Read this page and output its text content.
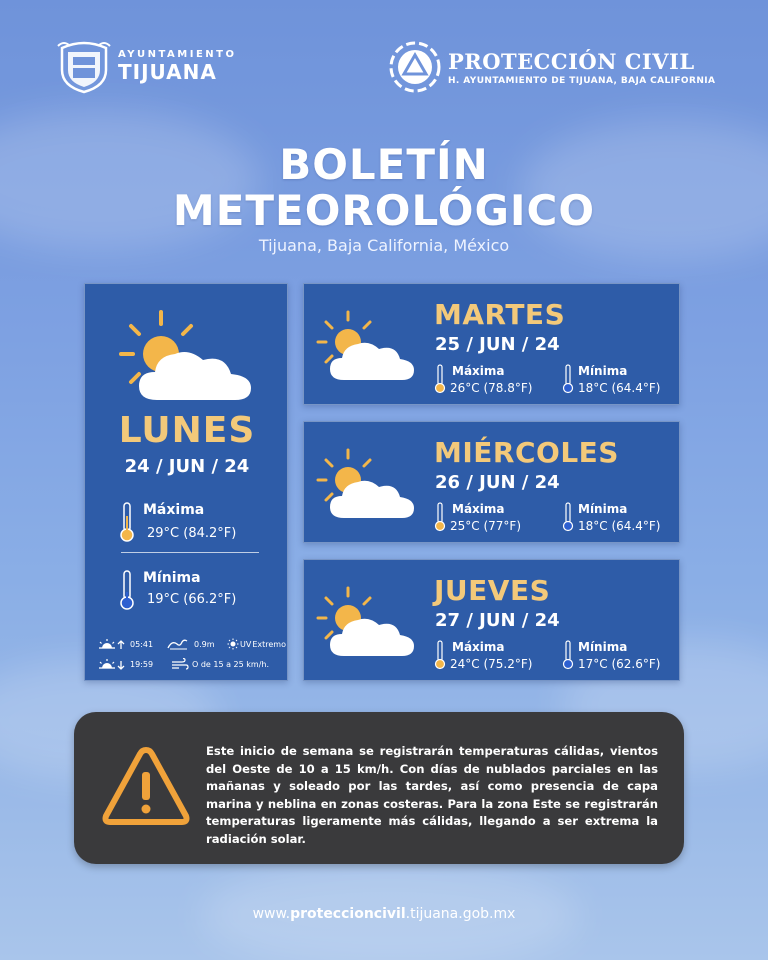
AYUNTAMIENTO
TIJUANA	PROTECCIÓN CIVIL
H. AYUNTAMIENTO DE TIJUANA, BAJA CALIFORNIA
BOLETÍN
METEOROLÓGICO
Tijuana, Baja California, México
LUNES
24 / JUN / 24
Máxima
29°C (84.2°F)
Mínima
19°C (66.2°F)
05:41	0.9m	UV Extremo
19:59	O de 15 a 25 km/h.
MARTES
25 / JUN / 24
Máxima
26°C (78.8°F)
Mínima
18°C (64.4°F)
MIÉRCOLES
26 / JUN / 24
Máxima
25°C (77°F)
Mínima
18°C (64.4°F)
JUEVES
27 / JUN / 24
Máxima
24°C (75.2°F)
Mínima
17°C (62.6°F)
Este inicio de semana se registrarán temperaturas cálidas, vientos del Oeste de 10 a 15 km/h. Con días de nublados parciales en las mañanas y soleado por las tardes, así como presencia de capa marina y neblina en zonas costeras. Para la zona Este se registrarán temperaturas ligeramente más cálidas, llegando a ser extrema la radiación solar.
www.proteccioncivil.tijuana.gob.mx
